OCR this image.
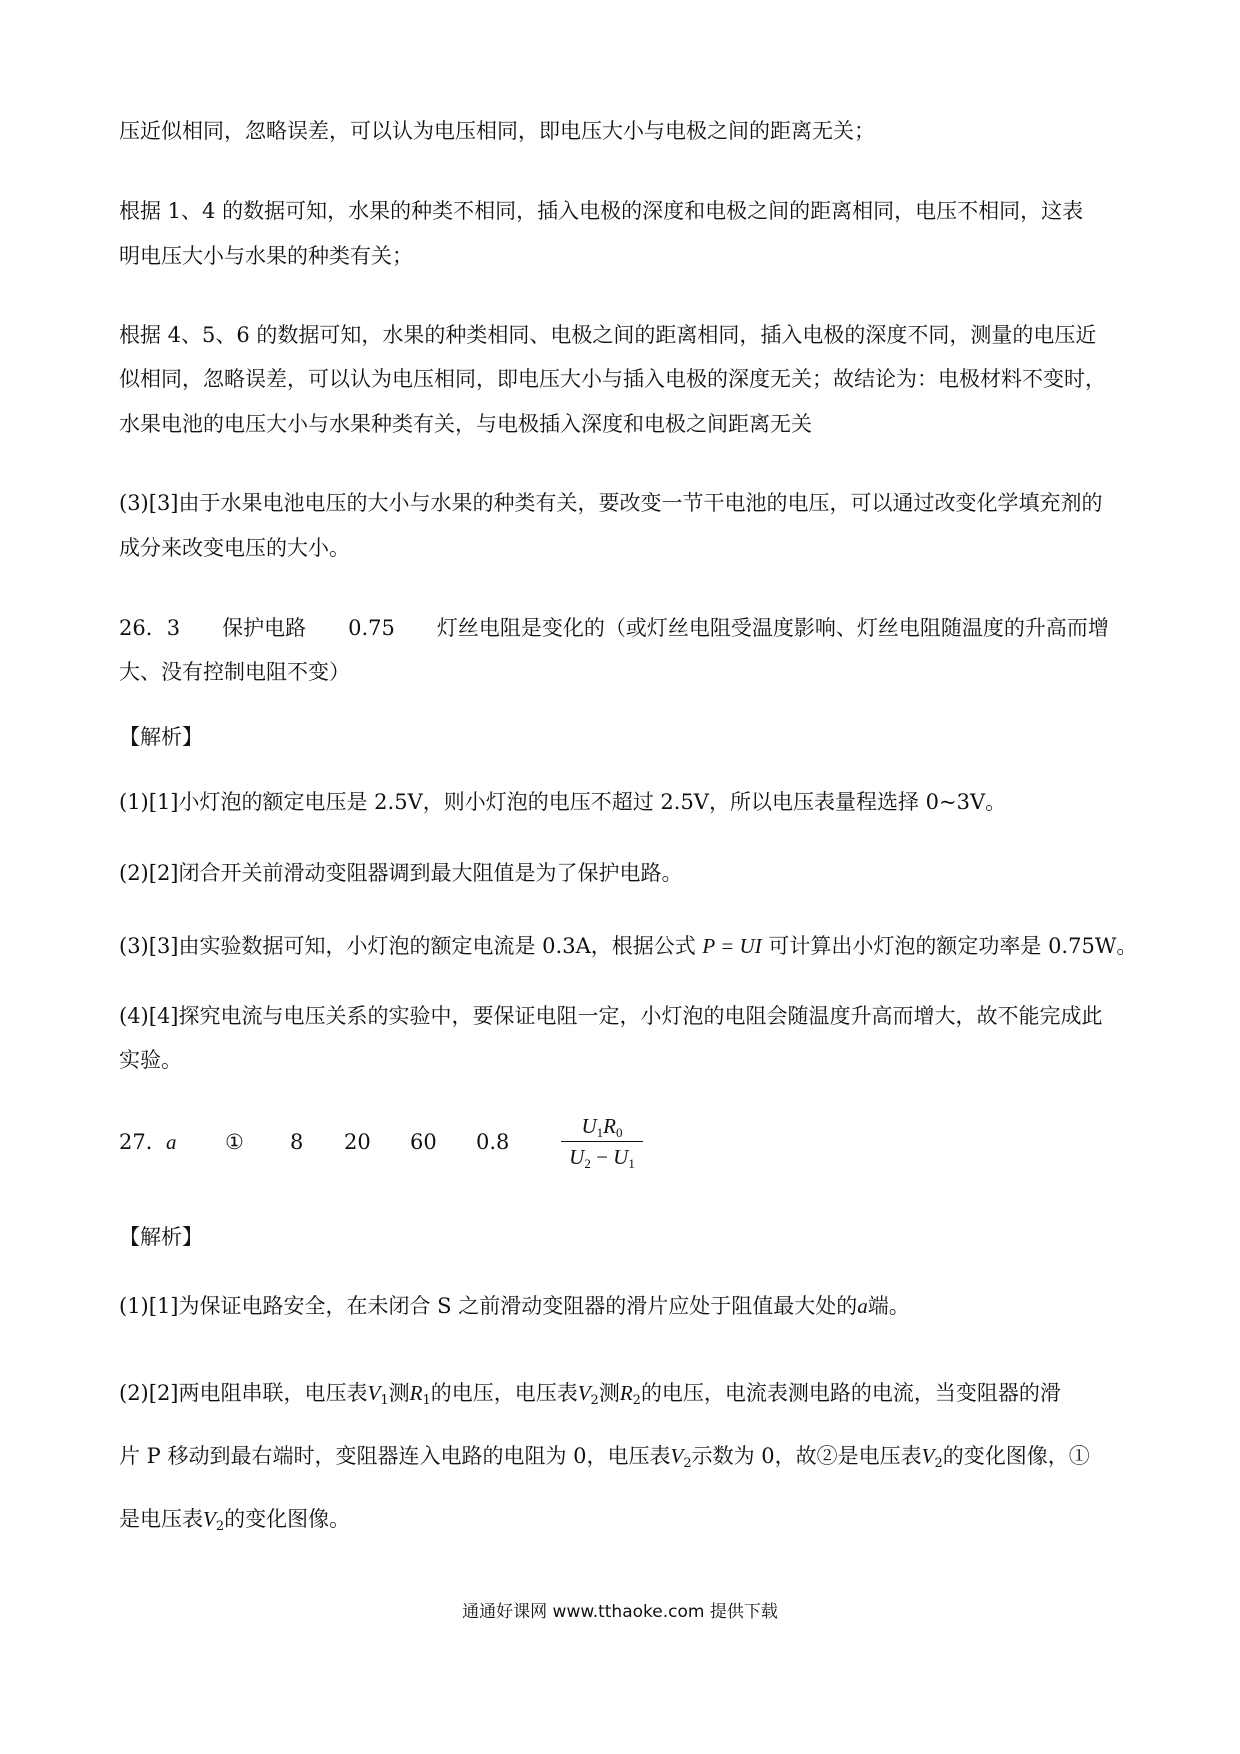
压近似相同，忽略误差，可以认为电压相同，即电压大小与电极之间的距离无关；
根据 1、4 的数据可知，水果的种类不相同，插入电极的深度和电极之间的距离相同，电压不相同，这表
明电压大小与水果的种类有关；
根据 4、5、6 的数据可知，水果的种类相同、电极之间的距离相同，插入电极的深度不同，测量的电压近
似相同，忽略误差，可以认为电压相同，即电压大小与插入电极的深度无关；故结论为：电极材料不变时，
水果电池的电压大小与水果种类有关，与电极插入深度和电极之间距离无关
(3)[3]由于水果电池电压的大小与水果的种类有关，要改变一节干电池的电压，可以通过改变化学填充剂的
成分来改变电压的大小。
26．3　　保护电路　　0.75　　灯丝电阻是变化的（或灯丝电阻受温度影响、灯丝电阻随温度的升高而增
大、没有控制电阻不变）
【解析】
(1)[1]小灯泡的额定电压是 2.5V，则小灯泡的电压不超过 2.5V，所以电压表量程选择 0~3V。
(2)[2]闭合开关前滑动变阻器调到最大阻值是为了保护电路。
(3)[3]由实验数据可知，小灯泡的额定电流是 0.3A，根据公式 P = UI 可计算出小灯泡的额定功率是 0.75W。
(4)[4]探究电流与电压关系的实验中，要保证电阻一定，小灯泡的电阻会随温度升高而增大，故不能完成此
实验。
27． a ① 8 20 60 0.8
$U_1R_0$
$U_2 - U_1$
【解析】
(1)[1]为保证电路安全，在未闭合 S 之前滑动变阻器的滑片应处于阻值最大处的a端。
(2)[2]两电阻串联，电压表$V_1$测$R_1$的电压，电压表$V_2$测$R_2$的电压，电流表测电路的电流，当变阻器的滑
片 P 移动到最右端时，变阻器连入电路的电阻为 0，电压表$V_2$示数为 0，故②是电压表$V_2$的变化图像，①
是电压表$V_2$的变化图像。
通通好课网 www.tthaoke.com 提供下载
